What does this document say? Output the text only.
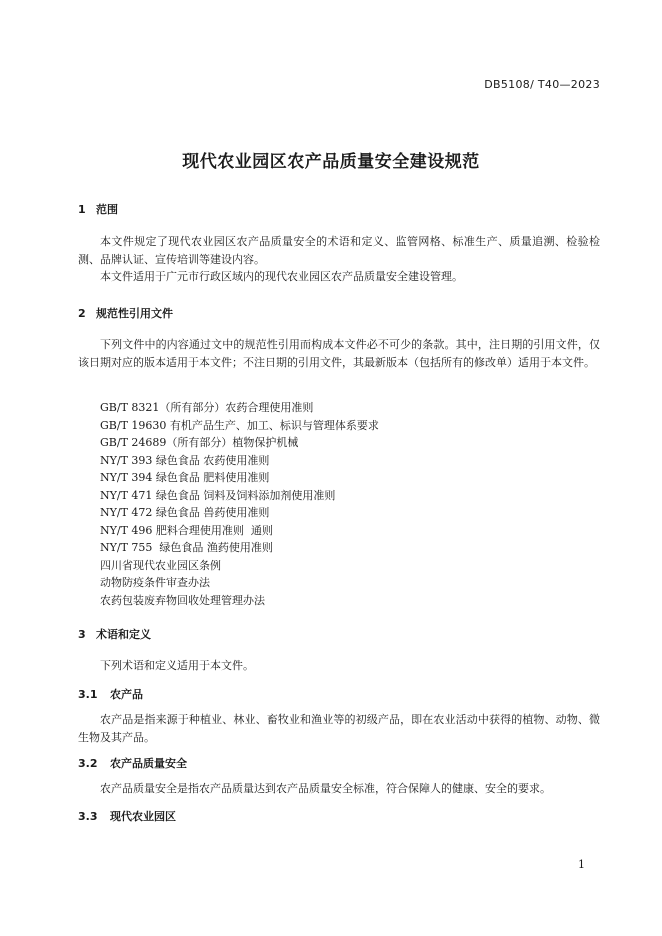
DB5108/ T40—2023
现代农业园区农产品质量安全建设规范
1 范围
本文件规定了现代农业园区农产品质量安全的术语和定义、监管网格、标准生产、质量追溯、检验检测、品牌认证、宣传培训等建设内容。
本文件适用于广元市行政区域内的现代农业园区农产品质量安全建设管理。
2 规范性引用文件
下列文件中的内容通过文中的规范性引用而构成本文件必不可少的条款。其中，注日期的引用文件，仅该日期对应的版本适用于本文件；不注日期的引用文件，其最新版本（包括所有的修改单）适用于本文件。
GB/T 8321（所有部分）农药合理使用准则
GB/T 19630 有机产品生产、加工、标识与管理体系要求
GB/T 24689（所有部分）植物保护机械
NY/T 393 绿色食品 农药使用准则
NY/T 394 绿色食品 肥料使用准则
NY/T 471 绿色食品 饲料及饲料添加剂使用准则
NY/T 472 绿色食品 兽药使用准则
NY/T 496 肥料合理使用准则  通则
NY/T 755  绿色食品 渔药使用准则
四川省现代农业园区条例
动物防疫条件审查办法
农药包装废弃物回收处理管理办法
3 术语和定义
下列术语和定义适用于本文件。
3.1 农产品
农产品是指来源于种植业、林业、畜牧业和渔业等的初级产品，即在农业活动中获得的植物、动物、微生物及其产品。
3.2 农产品质量安全
农产品质量安全是指农产品质量达到农产品质量安全标准，符合保障人的健康、安全的要求。
3.3 现代农业园区
1
